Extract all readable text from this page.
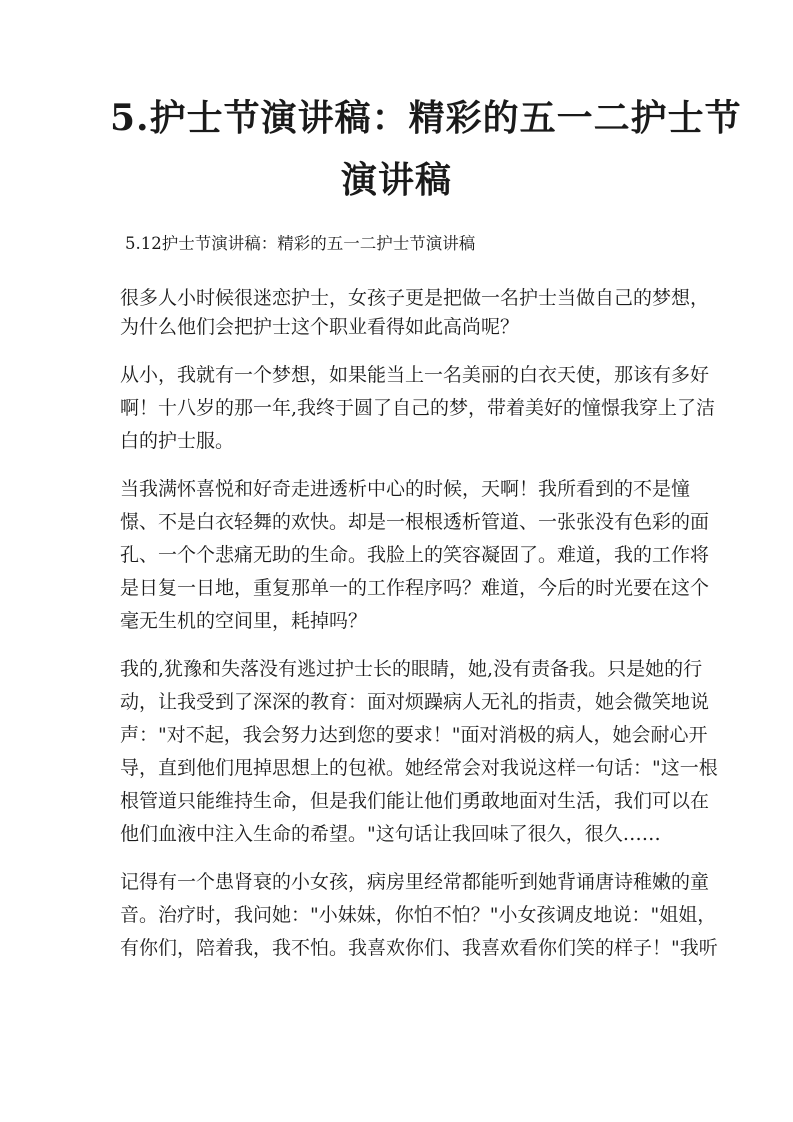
5.护士节演讲稿：精彩的五一二护士节
演讲稿
5.12护士节演讲稿：精彩的五一二护士节演讲稿
很多人小时候很迷恋护士，女孩子更是把做一名护士当做自己的梦想，
为什么他们会把护士这个职业看得如此高尚呢？
从小，我就有一个梦想，如果能当上一名美丽的白衣天使，那该有多好
啊！十八岁的那一年,我终于圆了自己的梦，带着美好的憧憬我穿上了洁
白的护士服。
当我满怀喜悦和好奇走进透析中心的时候，天啊！我所看到的不是憧
憬、不是白衣轻舞的欢快。却是一根根透析管道、一张张没有色彩的面
孔、一个个悲痛无助的生命。我脸上的笑容凝固了。难道，我的工作将
是日复一日地，重复那单一的工作程序吗？难道，今后的时光要在这个
毫无生机的空间里，耗掉吗？
我的,犹豫和失落没有逃过护士长的眼睛，她,没有责备我。只是她的行
动，让我受到了深深的教育：面对烦躁病人无礼的指责，她会微笑地说
声："对不起，我会努力达到您的要求！"面对消极的病人，她会耐心开
导，直到他们甩掉思想上的包袱。她经常会对我说这样一句话："这一根
根管道只能维持生命，但是我们能让他们勇敢地面对生活，我们可以在
他们血液中注入生命的希望。"这句话让我回味了很久，很久……
记得有一个患肾衰的小女孩，病房里经常都能听到她背诵唐诗稚嫩的童
音。治疗时，我问她："小妹妹，你怕不怕？"小女孩调皮地说："姐姐，
有你们，陪着我，我不怕。我喜欢你们、我喜欢看你们笑的样子！"我听
